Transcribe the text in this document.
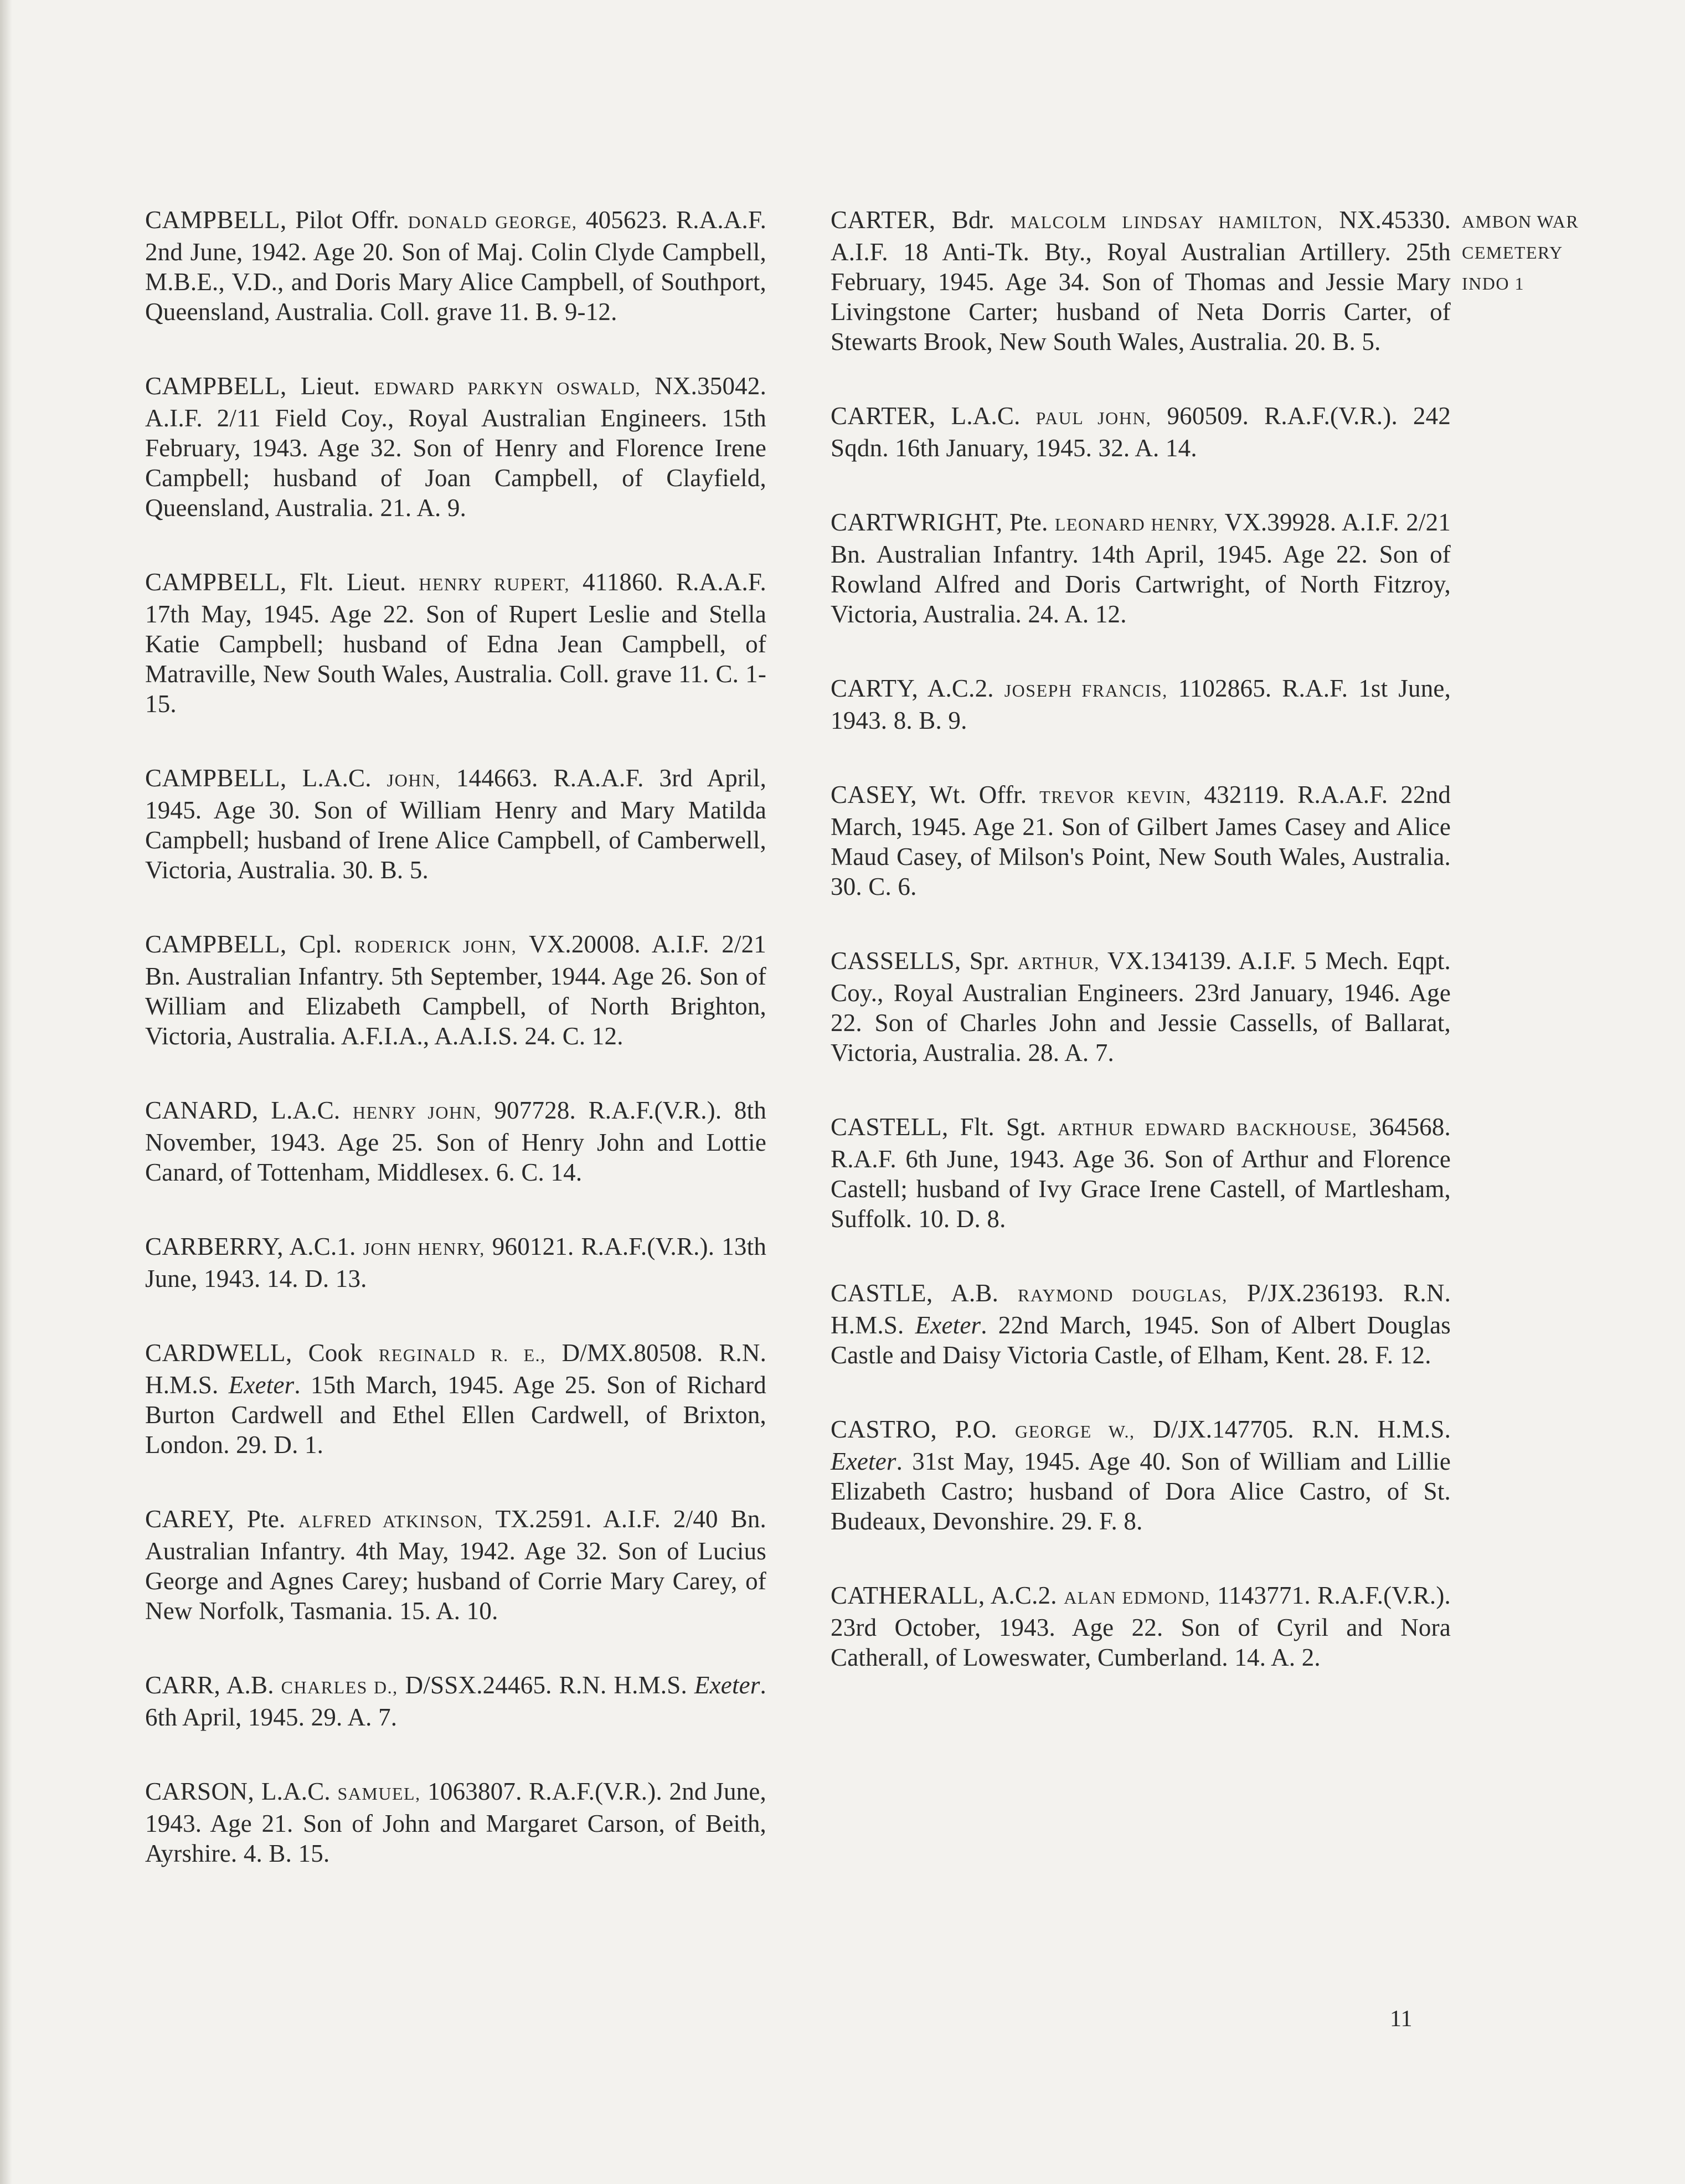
CAMPBELL, Pilot Offr. DONALD GEORGE, 405623. R.A.A.F. 2nd June, 1942. Age 20. Son of Maj. Colin Clyde Campbell, M.B.E., V.D., and Doris Mary Alice Campbell, of Southport, Queensland, Australia. Coll. grave 11. B. 9-12.

CAMPBELL, Lieut. EDWARD PARKYN OSWALD, NX.35042. A.I.F. 2/11 Field Coy., Royal Australian Engineers. 15th February, 1943. Age 32. Son of Henry and Florence Irene Campbell; husband of Joan Campbell, of Clayfield, Queensland, Australia. 21. A. 9.

CAMPBELL, Flt. Lieut. HENRY RUPERT, 411860. R.A.A.F. 17th May, 1945. Age 22. Son of Rupert Leslie and Stella Katie Campbell; husband of Edna Jean Campbell, of Matraville, New South Wales, Australia. Coll. grave 11. C. 1-15.

CAMPBELL, L.A.C. JOHN, 144663. R.A.A.F. 3rd April, 1945. Age 30. Son of William Henry and Mary Matilda Campbell; husband of Irene Alice Campbell, of Camberwell, Victoria, Australia. 30. B. 5.

CAMPBELL, Cpl. RODERICK JOHN, VX.20008. A.I.F. 2/21 Bn. Australian Infantry. 5th September, 1944. Age 26. Son of William and Elizabeth Campbell, of North Brighton, Victoria, Australia. A.F.I.A., A.A.I.S. 24. C. 12.

CANARD, L.A.C. HENRY JOHN, 907728. R.A.F.(V.R.). 8th November, 1943. Age 25. Son of Henry John and Lottie Canard, of Tottenham, Middlesex. 6. C. 14.

CARBERRY, A.C.1. JOHN HENRY, 960121. R.A.F.(V.R.). 13th June, 1943. 14. D. 13.

CARDWELL, Cook REGINALD R. E., D/MX.80508. R.N. H.M.S. Exeter. 15th March, 1945. Age 25. Son of Richard Burton Cardwell and Ethel Ellen Cardwell, of Brixton, London. 29. D. 1.

CAREY, Pte. ALFRED ATKINSON, TX.2591. A.I.F. 2/40 Bn. Australian Infantry. 4th May, 1942. Age 32. Son of Lucius George and Agnes Carey; husband of Corrie Mary Carey, of New Norfolk, Tasmania. 15. A. 10.

CARR, A.B. CHARLES D., D/SSX.24465. R.N. H.M.S. Exeter. 6th April, 1945. 29. A. 7.

CARSON, L.A.C. SAMUEL, 1063807. R.A.F.(V.R.). 2nd June, 1943. Age 21. Son of John and Margaret Carson, of Beith, Ayrshire. 4. B. 15.

CARTER, Bdr. MALCOLM LINDSAY HAMILTON, NX.45330. A.I.F. 18 Anti-Tk. Bty., Royal Australian Artillery. 25th February, 1945. Age 34. Son of Thomas and Jessie Mary Livingstone Carter; husband of Neta Dorris Carter, of Stewarts Brook, New South Wales, Australia. 20. B. 5.

CARTER, L.A.C. PAUL JOHN, 960509. R.A.F.(V.R.). 242 Sqdn. 16th January, 1945. 32. A. 14.

CARTWRIGHT, Pte. LEONARD HENRY, VX.39928. A.I.F. 2/21 Bn. Australian Infantry. 14th April, 1945. Age 22. Son of Rowland Alfred and Doris Cartwright, of North Fitzroy, Victoria, Australia. 24. A. 12.

CARTY, A.C.2. JOSEPH FRANCIS, 1102865. R.A.F. 1st June, 1943. 8. B. 9.

CASEY, Wt. Offr. TREVOR KEVIN, 432119. R.A.A.F. 22nd March, 1945. Age 21. Son of Gilbert James Casey and Alice Maud Casey, of Milson's Point, New South Wales, Australia. 30. C. 6.

CASSELLS, Spr. ARTHUR, VX.134139. A.I.F. 5 Mech. Eqpt. Coy., Royal Australian Engineers. 23rd January, 1946. Age 22. Son of Charles John and Jessie Cassells, of Ballarat, Victoria, Australia. 28. A. 7.

CASTELL, Flt. Sgt. ARTHUR EDWARD BACKHOUSE, 364568. R.A.F. 6th June, 1943. Age 36. Son of Arthur and Florence Castell; husband of Ivy Grace Irene Castell, of Martlesham, Suffolk. 10. D. 8.

CASTLE, A.B. RAYMOND DOUGLAS, P/JX.236193. R.N. H.M.S. Exeter. 22nd March, 1945. Son of Albert Douglas Castle and Daisy Victoria Castle, of Elham, Kent. 28. F. 12.

CASTRO, P.O. GEORGE W., D/JX.147705. R.N. H.M.S. Exeter. 31st May, 1945. Age 40. Son of William and Lillie Elizabeth Castro; husband of Dora Alice Castro, of St. Budeaux, Devonshire. 29. F. 8.

CATHERALL, A.C.2. ALAN EDMOND, 1143771. R.A.F.(V.R.). 23rd October, 1943. Age 22. Son of Cyril and Nora Catherall, of Loweswater, Cumberland. 14. A. 2.

AMBON WAR
CEMETERY
INDO 1
11
